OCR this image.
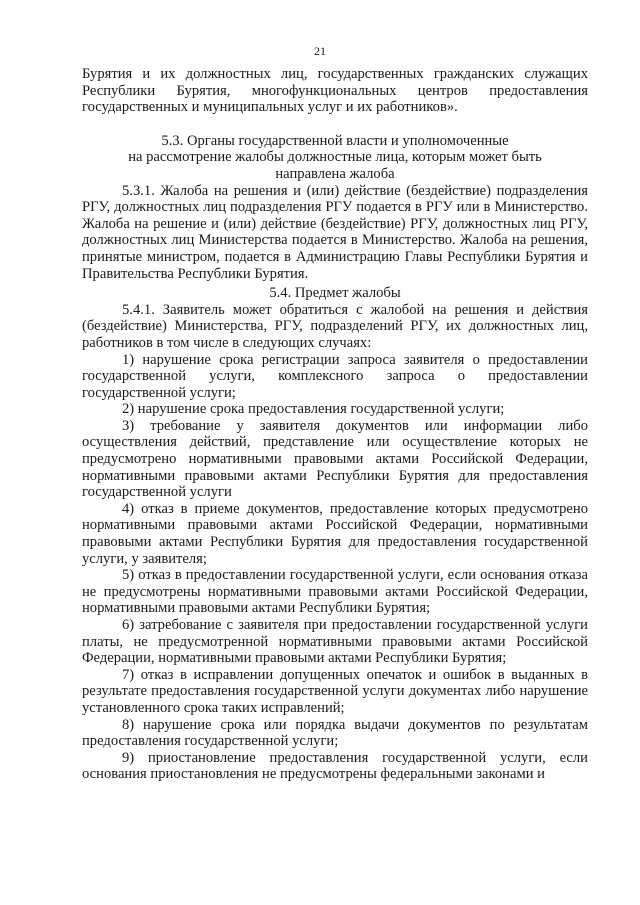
21

Бурятия и их должностных лиц, государственных гражданских служащих Республики Бурятия, многофункциональных центров предоставления государственных и муниципальных услуг и их работников».

5.3. Органы государственной власти и уполномоченные

на рассмотрение жалобы должностные лица, которым может быть

направлена жалоба

5.3.1. Жалоба на решения и (или) действие (бездействие) подразделения РГУ, должностных лиц подразделения РГУ подается в РГУ или в Министерство. Жалоба на решение и (или) действие (бездействие) РГУ, должностных лиц РГУ, должностных лиц Министерства подается в Министерство. Жалоба на решения, принятые министром, подается в Администрацию Главы Республики Бурятия и Правительства Республики Бурятия.

5.4. Предмет жалобы

5.4.1. Заявитель может обратиться с жалобой на решения и действия (бездействие) Министерства, РГУ, подразделений РГУ, их должностных лиц, работников в том числе в следующих случаях:

1) нарушение срока регистрации запроса заявителя о предоставлении государственной услуги, комплексного запроса о предоставлении государственной услуги;

2) нарушение срока предоставления государственной услуги;

3) требование у заявителя документов или информации либо осуществления действий, представление или осуществление которых не предусмотрено нормативными правовыми актами Российской Федерации, нормативными правовыми актами Республики Бурятия для предоставления государственной услуги

4) отказ в приеме документов, предоставление которых предусмотрено нормативными правовыми актами Российской Федерации, нормативными правовыми актами Республики Бурятия для предоставления государственной услуги, у заявителя;

5) отказ в предоставлении государственной услуги, если основания отказа не предусмотрены нормативными правовыми актами Российской Федерации, нормативными правовыми актами Республики Бурятия;

6) затребование с заявителя при предоставлении государственной услуги платы, не предусмотренной нормативными правовыми актами Российской Федерации, нормативными правовыми актами Республики Бурятия;

7) отказ в исправлении допущенных опечаток и ошибок в выданных в результате предоставления государственной услуги документах либо нарушение установленного срока таких исправлений;

8) нарушение срока или порядка выдачи документов по результатам предоставления государственной услуги;

9) приостановление предоставления государственной услуги, если основания приостановления не предусмотрены федеральными законами и
